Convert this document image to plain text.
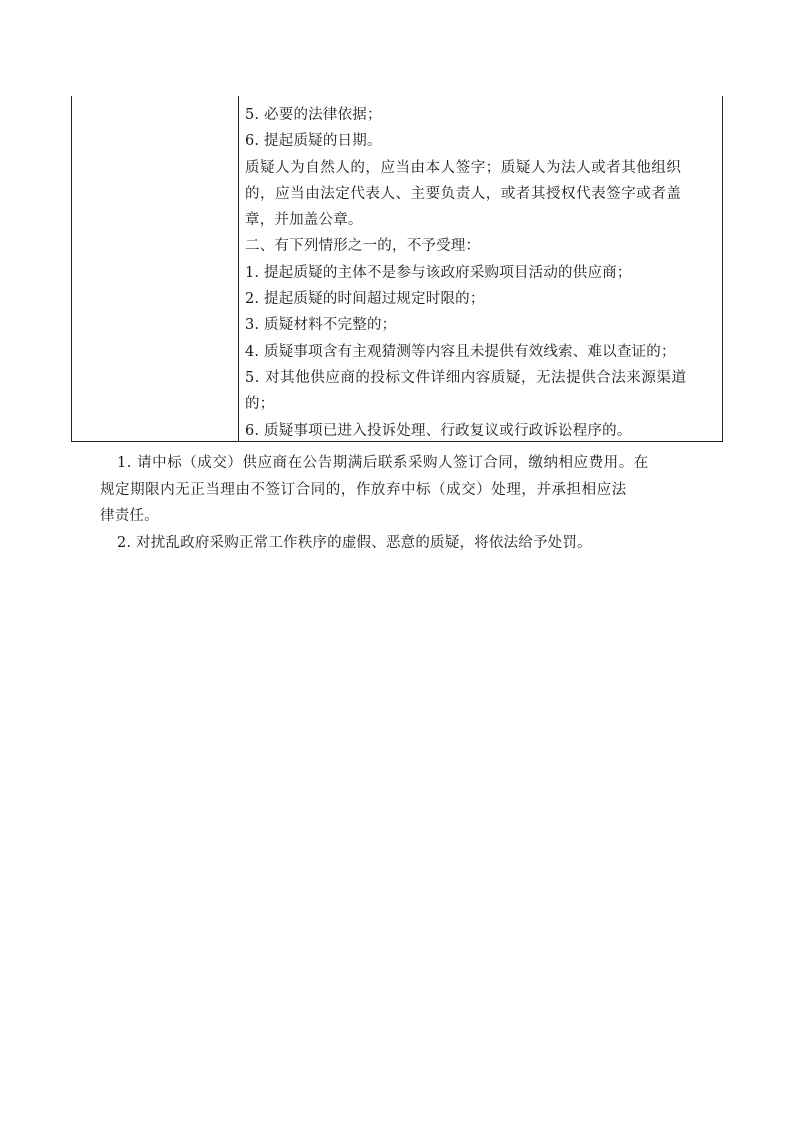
5. 必要的法律依据；
6. 提起质疑的日期。
质疑人为自然人的，应当由本人签字；质疑人为法人或者其他组织
的，应当由法定代表人、主要负责人，或者其授权代表签字或者盖
章，并加盖公章。
二、有下列情形之一的，不予受理：
1. 提起质疑的主体不是参与该政府采购项目活动的供应商；
2. 提起质疑的时间超过规定时限的；
3. 质疑材料不完整的；
4. 质疑事项含有主观猜测等内容且未提供有效线索、难以查证的；
5. 对其他供应商的投标文件详细内容质疑，无法提供合法来源渠道
的；
6. 质疑事项已进入投诉处理、行政复议或行政诉讼程序的。
1. 请中标（成交）供应商在公告期满后联系采购人签订合同，缴纳相应费用。在
规定期限内无正当理由不签订合同的，作放弃中标（成交）处理，并承担相应法
律责任。
2. 对扰乱政府采购正常工作秩序的虚假、恶意的质疑，将依法给予处罚。
